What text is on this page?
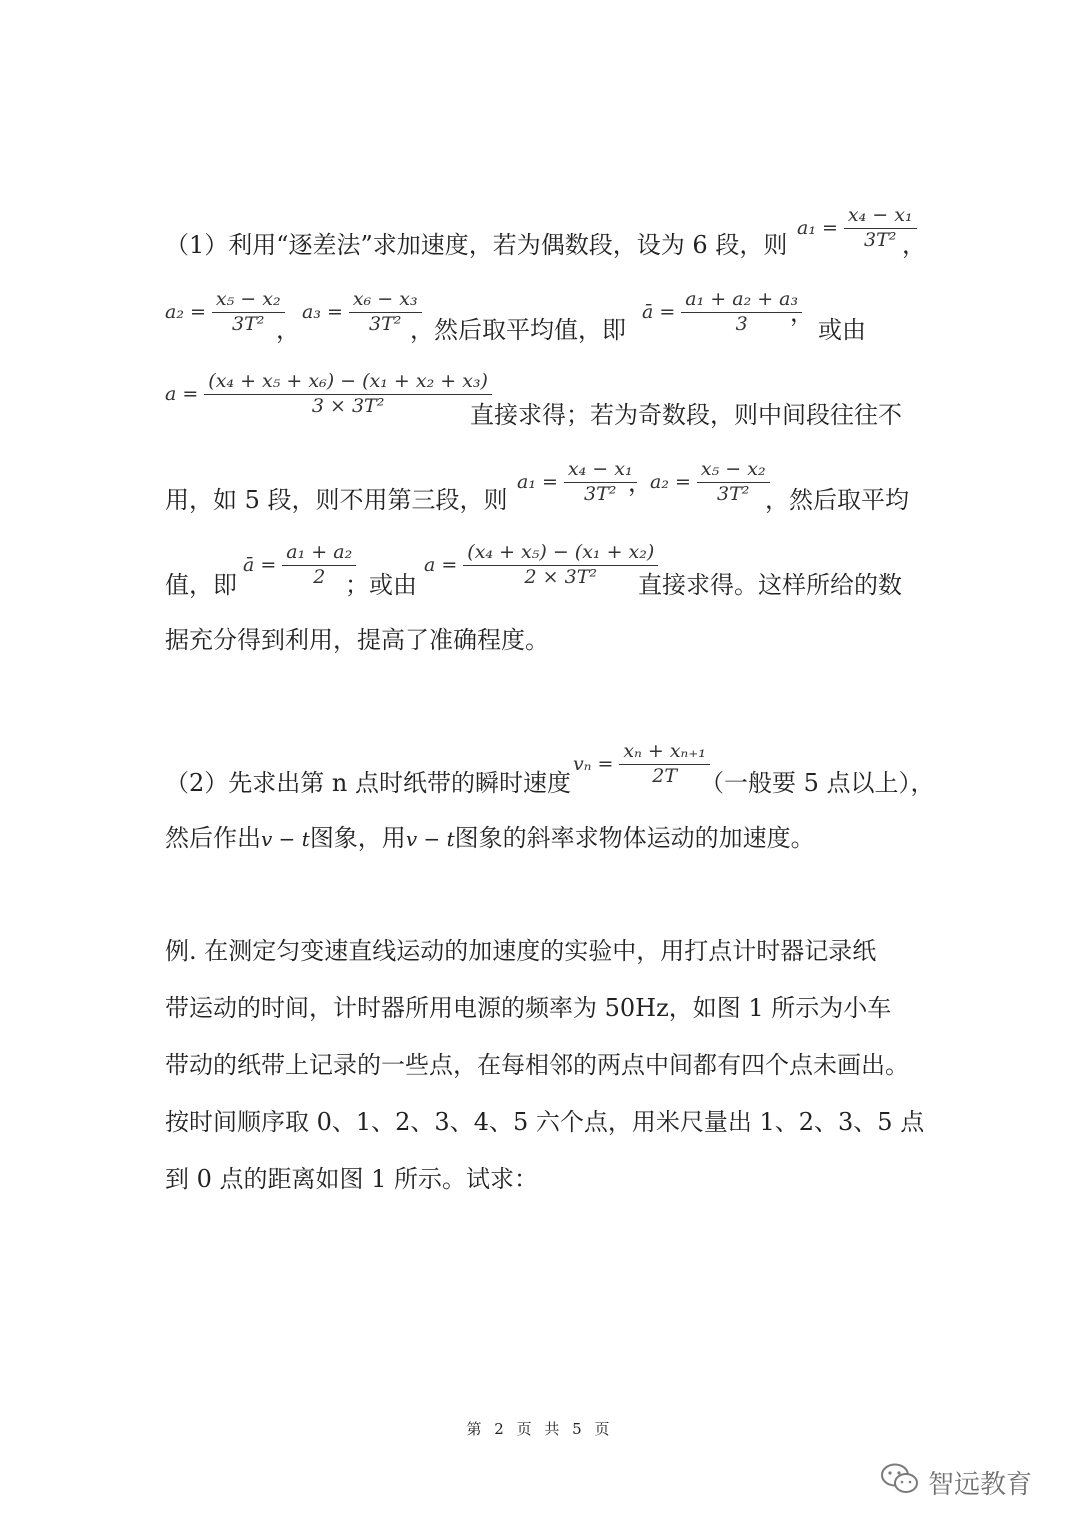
（1）利用“逐差法”求加速度，若为偶数段，设为 6 段，则
$a_1 = \frac{\text{x₄ − x₁}}{\text{3T²}}$
，
$a_2 = \frac{\text{x₅ − x₂}}{\text{3T²}}$
，
$a_3 = \frac{\text{x₆ − x₃}}{\text{3T²}}$
，然后取平均值，即
ā = $\frac{\text{a₁ + a₂ + a₃}}{3}$
，
或由
$a = \frac{\text{(x₄ + x₅ + x₆) − (x₁ + x₂ + x₃)}}{\text{3 × 3T²}}$
直接求得；若为奇数段，则中间段往往不
用，如 5 段，则不用第三段，则
$a_1 = \frac{\text{x₄ − x₁}}{\text{3T²}}$
，
$a_2 = \frac{\text{x₅ − x₂}}{\text{3T²}}$
，然后取平均
值，即
ā = $\frac{\text{a₁ + a₂}}{2}$
；或由
$a = \frac{\text{(x₄ + x₅) − (x₁ + x₂)}}{\text{2 × 3T²}}$
直接求得。这样所给的数
据充分得到利用，提高了准确程度。
（2）先求出第 n 点时纸带的瞬时速度
$v_n = \frac{\text{xₙ + xₙ₊₁}}{2T}$
（一般要 5 点以上），
然后作出v − t图象，用v − t图象的斜率求物体运动的加速度。
例. 在测定匀变速直线运动的加速度的实验中，用打点计时器记录纸
带运动的时间，计时器所用电源的频率为 50Hz，如图 1 所示为小车
带动的纸带上记录的一些点，在每相邻的两点中间都有四个点未画出。
按时间顺序取 0、1、2、3、4、5 六个点，用米尺量出 1、2、3、5 点
到 0 点的距离如图 1 所示。试求：
第 2 页 共 5 页
智远教育
